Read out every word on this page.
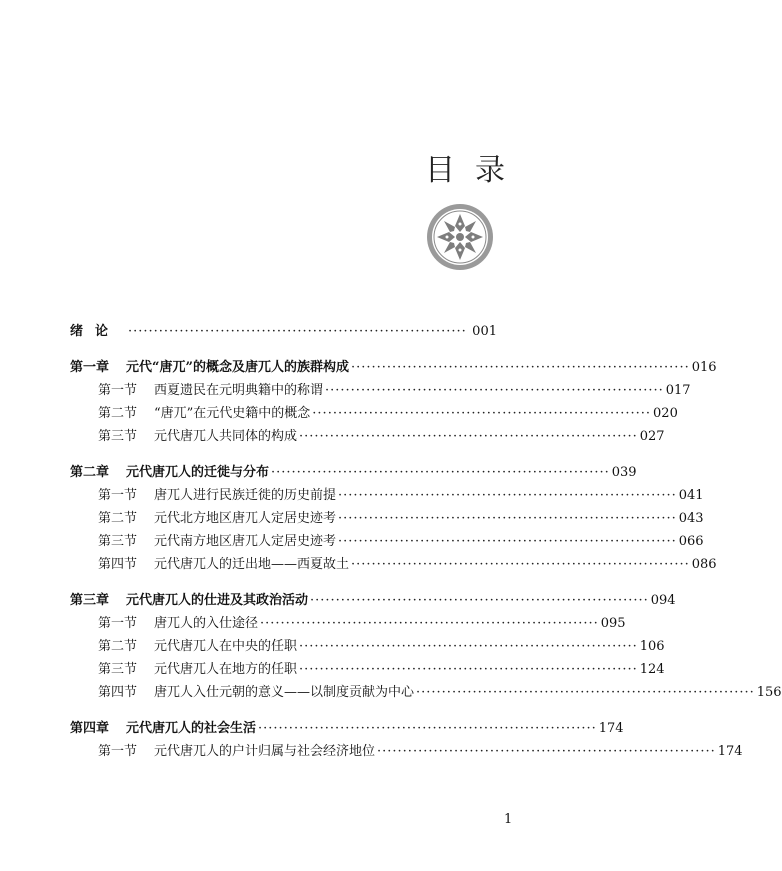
目录
绪论 ·································································· 001
第一章	元代“唐兀”的概念及唐兀人的族群构成 ·································································· 016
第一节	西夏遗民在元明典籍中的称谓 ·································································· 017
第二节	“唐兀”在元代史籍中的概念 ·································································· 020
第三节	元代唐兀人共同体的构成 ·································································· 027
第二章	元代唐兀人的迁徙与分布 ·································································· 039
第一节	唐兀人进行民族迁徙的历史前提 ·································································· 041
第二节	元代北方地区唐兀人定居史迹考 ·································································· 043
第三节	元代南方地区唐兀人定居史迹考 ·································································· 066
第四节	元代唐兀人的迁出地——西夏故土 ·································································· 086
第三章	元代唐兀人的仕进及其政治活动 ·································································· 094
第一节	唐兀人的入仕途径 ·································································· 095
第二节	元代唐兀人在中央的任职 ·································································· 106
第三节	元代唐兀人在地方的任职 ·································································· 124
第四节	唐兀人入仕元朝的意义——以制度贡献为中心 ·································································· 156
第四章	元代唐兀人的社会生活 ·································································· 174
第一节	元代唐兀人的户计归属与社会经济地位 ·································································· 174
1
